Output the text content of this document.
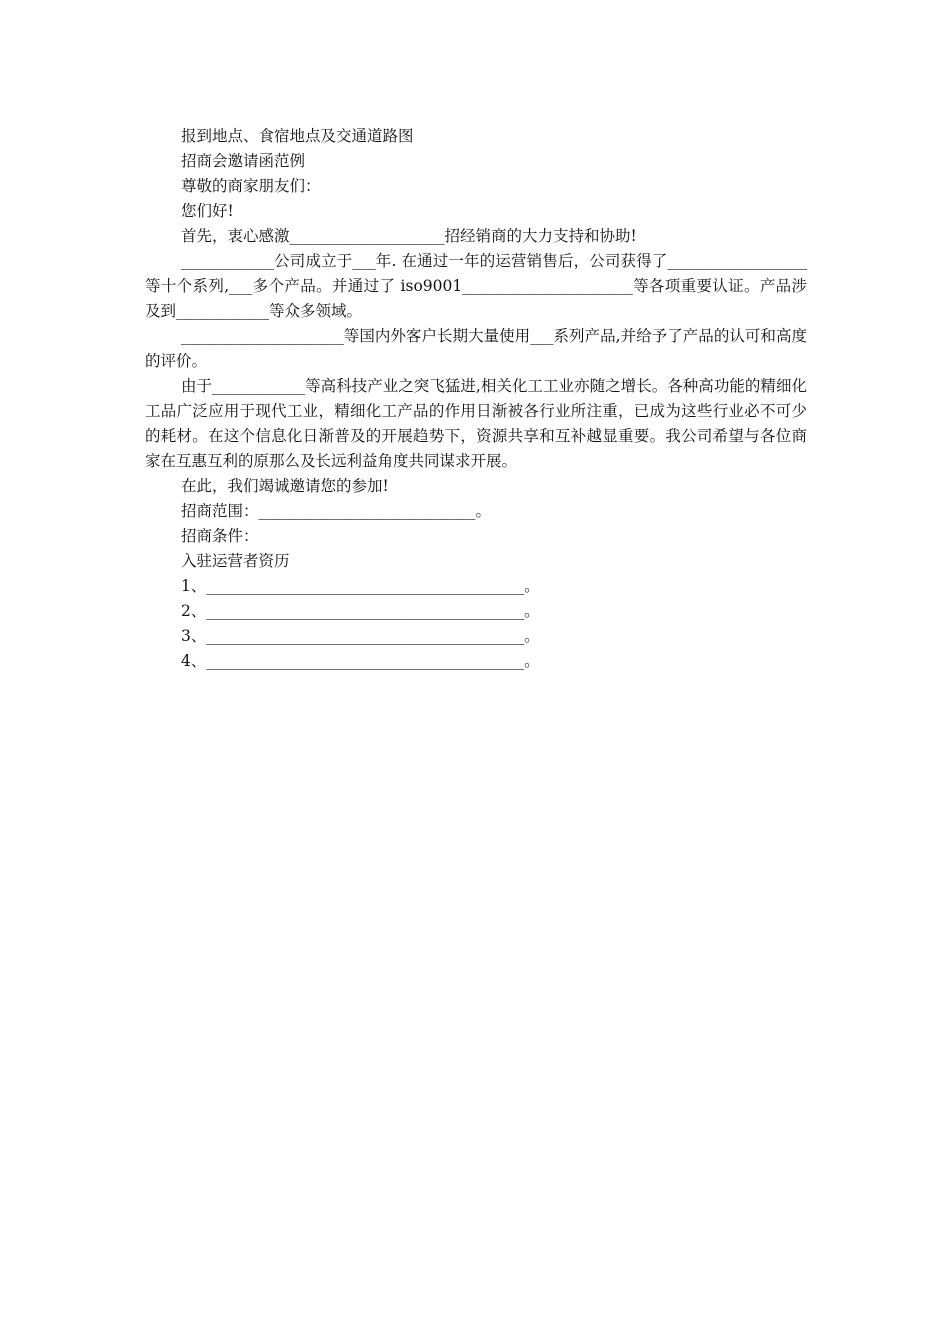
报到地点、食宿地点及交通道路图

招商会邀请函范例

尊敬的商家朋友们：

您们好!

首先，衷心感激____________________招经销商的大力支持和协助!

____________公司成立于___年. 在通过一年的运营销售后，公司获得了__________________等十个系列,___多个产品。并通过了 iso9001______________________等各项重要认证。产品涉及到____________等众多领域。

_____________________等国内外客户长期大量使用___系列产品,并给予了产品的认可和高度的评价。

由于____________等高科技产业之突飞猛进,相关化工工业亦随之增长。各种高功能的精细化工品广泛应用于现代工业，精细化工产品的作用日渐被各行业所注重，已成为这些行业必不可少的耗材。在这个信息化日渐普及的开展趋势下，资源共享和互补越显重要。我公司希望与各位商家在互惠互利的原那么及长远利益角度共同谋求开展。

在此，我们竭诚邀请您的参加!

招商范围：____________________________。

招商条件：

入驻运营者资历

1、_________________________________________。

2、_________________________________________。

3、_________________________________________。

4、_________________________________________。
